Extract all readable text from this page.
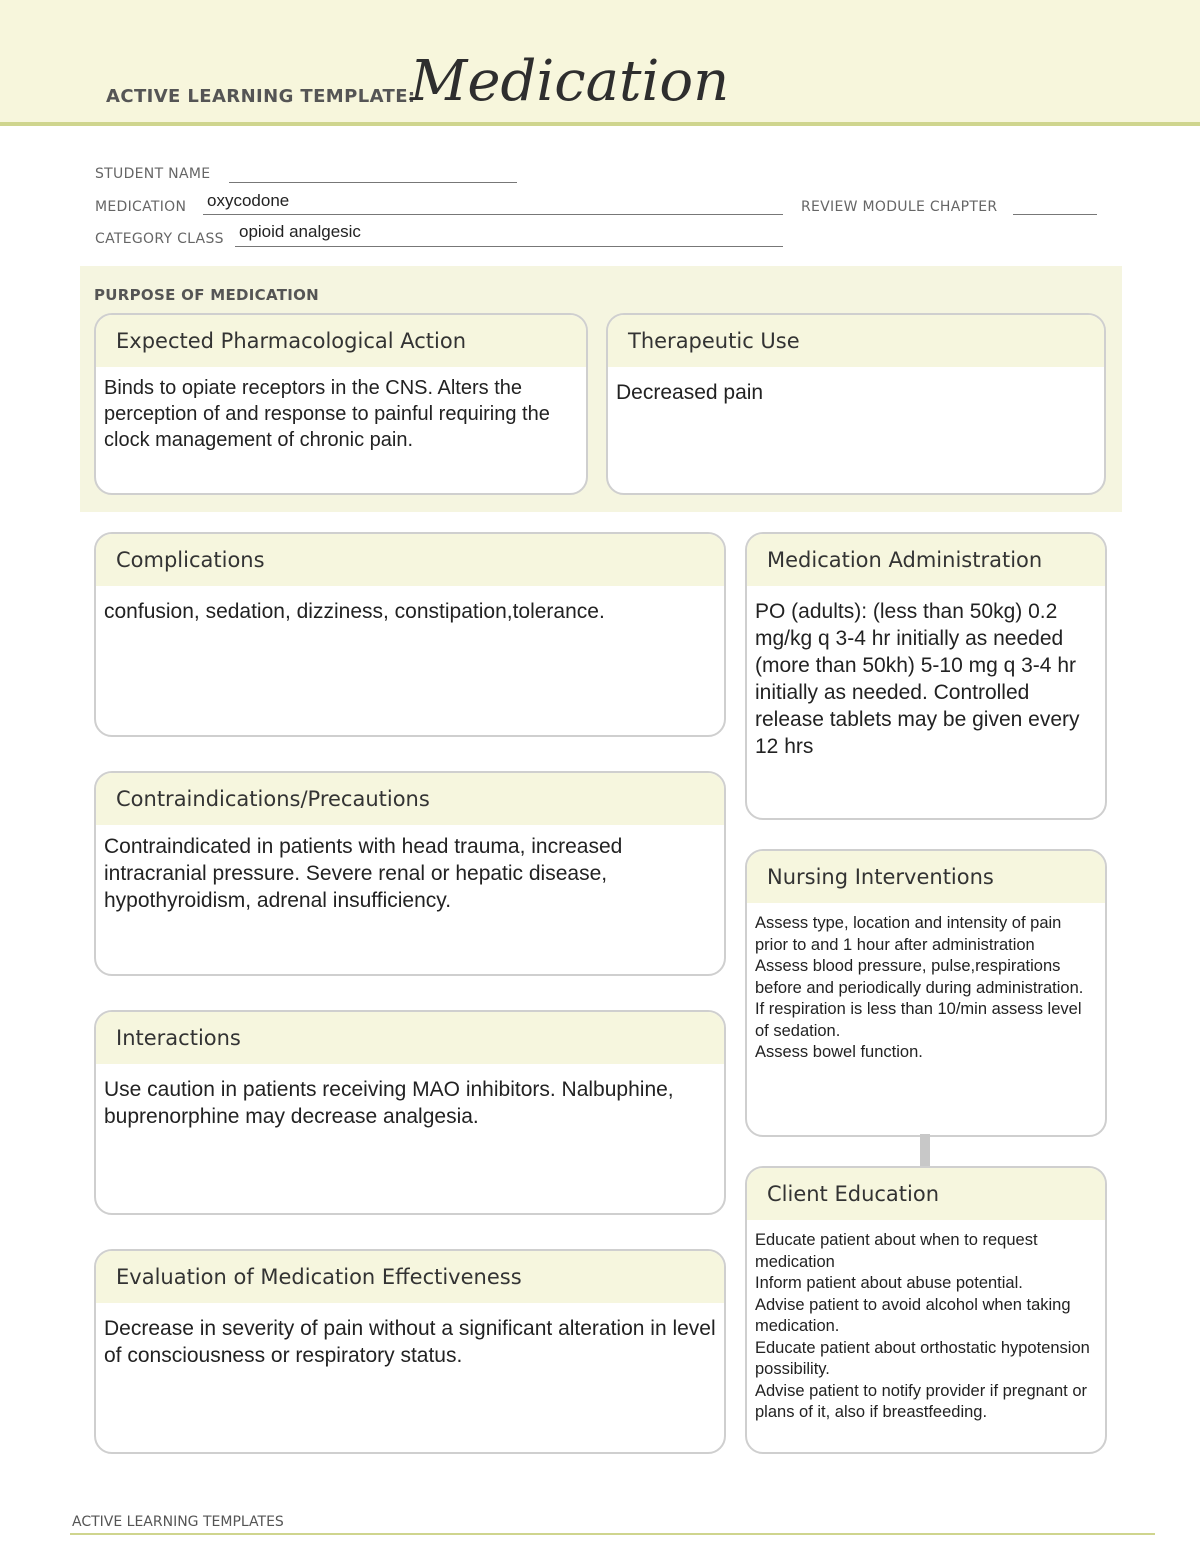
ACTIVE LEARNING TEMPLATE:
Medication
STUDENT NAME
MEDICATION oxycodone	REVIEW MODULE CHAPTER
CATEGORY CLASS opioid analgesic
PURPOSE OF MEDICATION
Expected Pharmacological Action
Binds to opiate receptors in the CNS. Alters the perception of and response to painful requiring the clock management of chronic pain.
Therapeutic Use
Decreased pain
Complications
confusion, sedation, dizziness, constipation,tolerance.
Contraindications/Precautions
Contraindicated in patients with head trauma, increased intracranial pressure. Severe renal or hepatic disease, hypothyroidism, adrenal insufficiency.
Interactions
Use caution in patients receiving MAO inhibitors. Nalbuphine, buprenorphine may decrease analgesia.
Evaluation of Medication Effectiveness
Decrease in severity of pain without a significant alteration in level of consciousness or respiratory status.
Medication Administration
PO (adults): (less than 50kg) 0.2 mg/kg q 3-4 hr initially as needed (more than 50kh) 5-10 mg q 3-4 hr initially as needed. Controlled release tablets may be given every 12 hrs
Nursing Interventions
Assess type, location and intensity of pain prior to and 1 hour after administration
Assess blood pressure, pulse,respirations before and periodically during administration. If respiration is less than 10/min assess level of sedation.
Assess bowel function.
Client Education
Educate patient about when to request medication
Inform patient about abuse potential.
Advise patient to avoid alcohol when taking medication.
Educate patient about orthostatic hypotension possibility.
Advise patient to notify provider if pregnant or plans of it, also if breastfeeding.
ACTIVE LEARNING TEMPLATES
